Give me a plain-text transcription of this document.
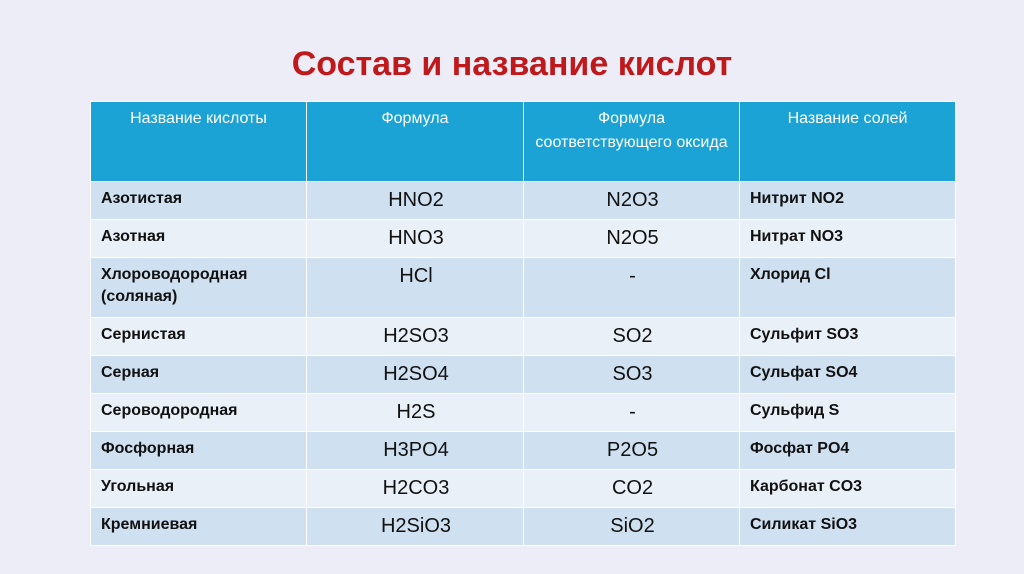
Состав и название кислот
Название кислоты	Формула	Формула соответствующего оксида	Название солей
Азотистая	HNO2	N2O3	Нитрит NO2
Азотная	HNO3	N2O5	Нитрат NO3
Хлороводородная (соляная)	HCl	-	Хлорид Cl
Сернистая	H2SO3	SO2	Сульфит SO3
Серная	H2SO4	SO3	Сульфат SO4
Сероводородная	H2S	-	Сульфид S
Фосфорная	H3PO4	P2O5	Фосфат PO4
Угольная	H2CO3	CO2	Карбонат CO3
Кремниевая	H2SiO3	SiO2	Силикат SiO3
